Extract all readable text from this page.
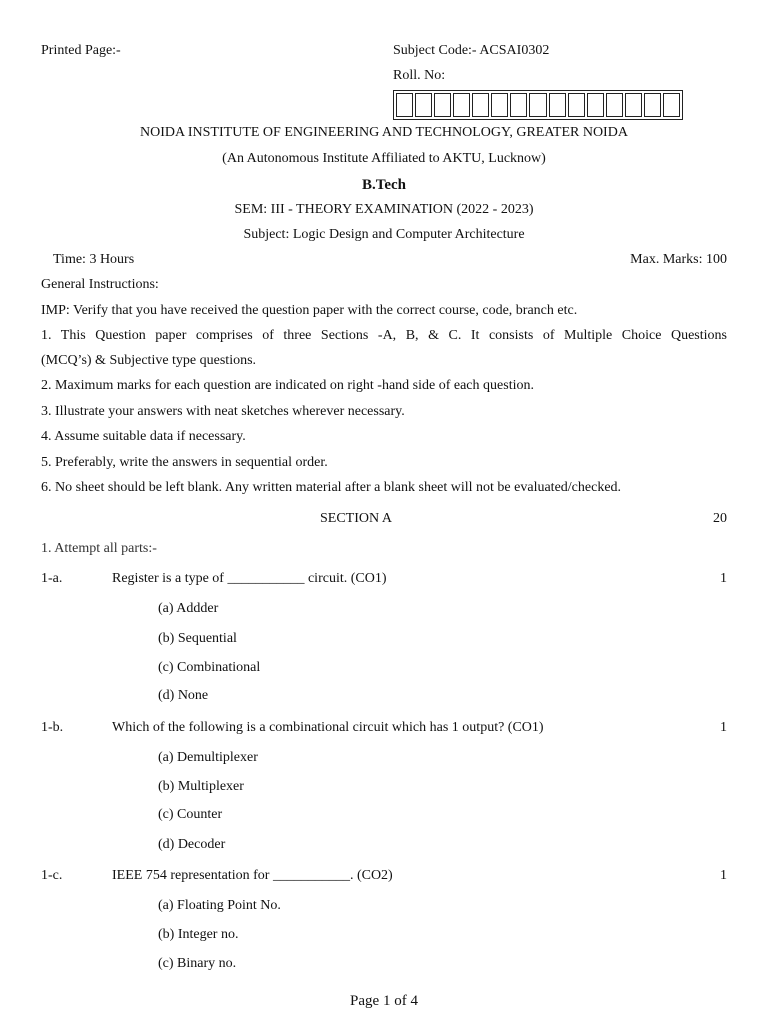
Printed Page:-	Subject Code:- ACSAI0302
Roll. No:
NOIDA INSTITUTE OF ENGINEERING AND TECHNOLOGY, GREATER NOIDA
(An Autonomous Institute Affiliated to AKTU, Lucknow)
B.Tech
SEM: III - THEORY EXAMINATION (2022 - 2023)
Subject: Logic Design and Computer Architecture
Time: 3 Hours	Max. Marks: 100
General Instructions:
IMP: Verify that you have received the question paper with the correct course, code, branch etc.
1. This Question paper comprises of three Sections -A, B, & C. It consists of Multiple Choice Questions
(MCQ’s) & Subjective type questions.
2. Maximum marks for each question are indicated on right -hand side of each question.
3. Illustrate your answers with neat sketches wherever necessary.
4. Assume suitable data if necessary.
5. Preferably, write the answers in sequential order.
6. No sheet should be left blank. Any written material after a blank sheet will not be evaluated/checked.
SECTION A	20
1. Attempt all parts:-
1-a.	Register is a type of ___________ circuit. (CO1)	1
(a) Addder
(b) Sequential
(c) Combinational
(d) None
1-b.	Which of the following is a combinational circuit which has 1 output? (CO1)	1
(a) Demultiplexer
(b) Multiplexer
(c) Counter
(d) Decoder
1-c.	IEEE 754 representation for ___________. (CO2)	1
(a) Floating Point No.
(b) Integer no.
(c) Binary no.
Page 1 of 4
